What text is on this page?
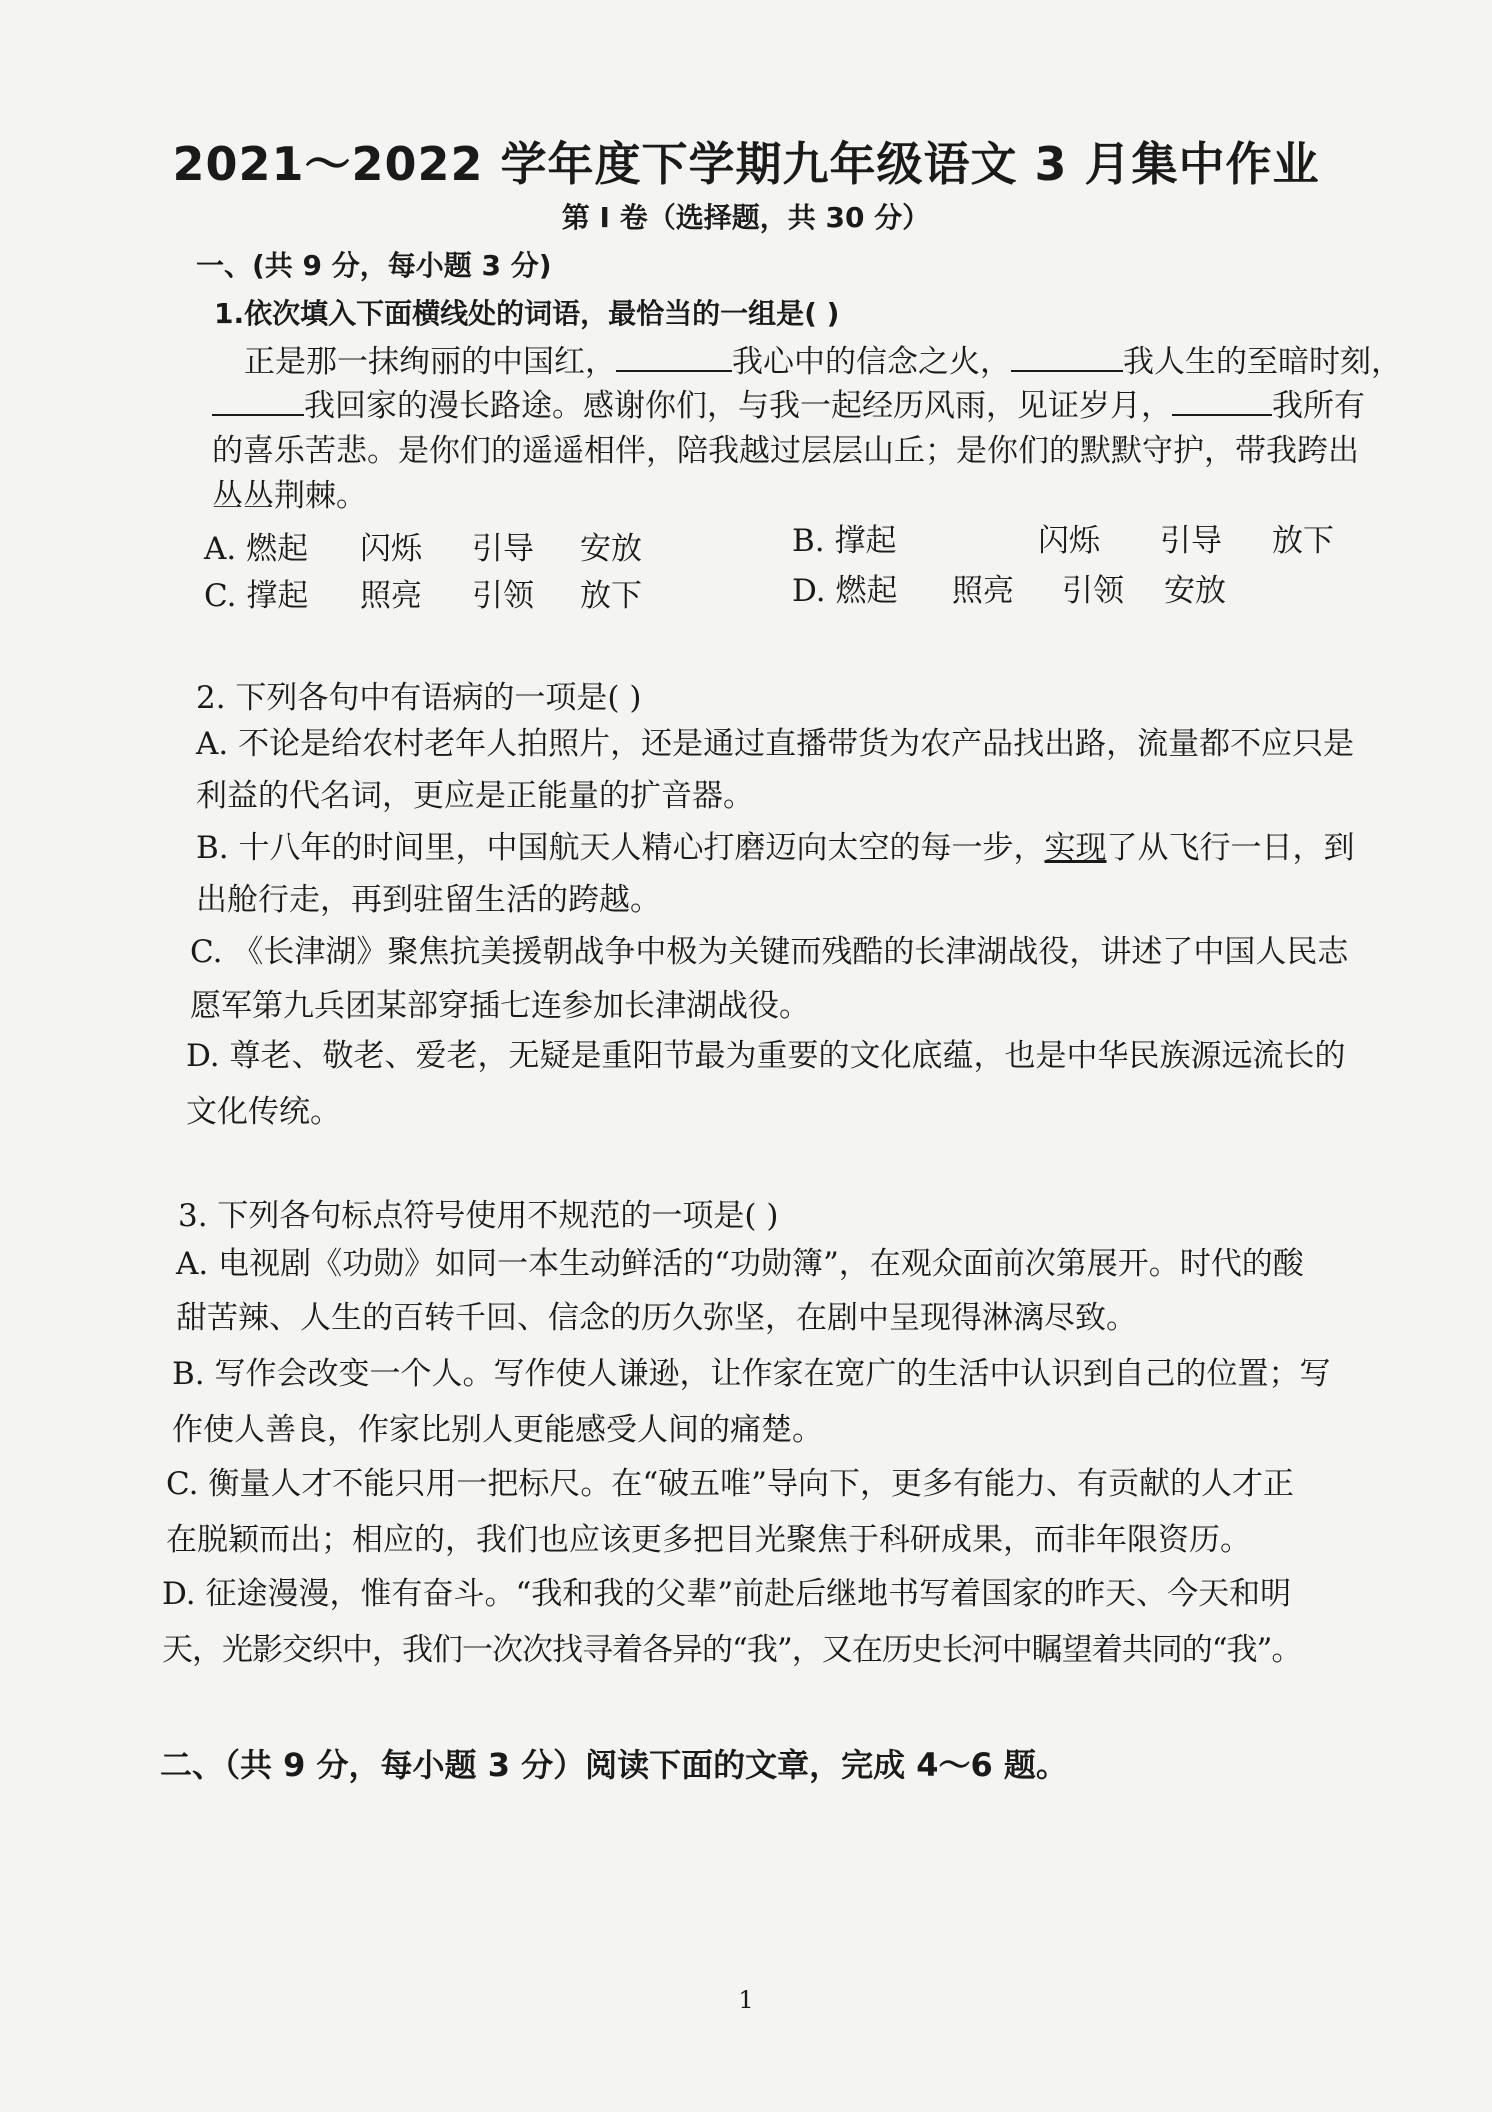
2021～2022 学年度下学期九年级语文 3 月集中作业
第 I 卷（选择题，共 30 分）
一、(共 9 分，每小题 3 分)
1.依次填入下面横线处的词语，最恰当的一组是( )
正是那一抹绚丽的中国红，	我心中的信念之火，	我人生的至暗时刻，
我回家的漫长路途。感谢你们，与我一起经历风雨，见证岁月，	我所有
的喜乐苦悲。是你们的遥遥相伴，陪我越过层层山丘；是你们的默默守护，带我跨出
丛丛荆棘。
A. 燃起 闪烁 引导 安放	B. 撑起	闪烁 引导 放下
C. 撑起 照亮 引领 放下	D. 燃起 照亮 引领 安放
2. 下列各句中有语病的一项是( )
A. 不论是给农村老年人拍照片，还是通过直播带货为农产品找出路，流量都不应只是
利益的代名词，更应是正能量的扩音器。
B. 十八年的时间里，中国航天人精心打磨迈向太空的每一步，实现了从飞行一日，到
出舱行走，再到驻留生活的跨越。
C. 《长津湖》聚焦抗美援朝战争中极为关键而残酷的长津湖战役，讲述了中国人民志
愿军第九兵团某部穿插七连参加长津湖战役。
D. 尊老、敬老、爱老，无疑是重阳节最为重要的文化底蕴，也是中华民族源远流长的
文化传统。
3. 下列各句标点符号使用不规范的一项是( )
A. 电视剧《功勋》如同一本生动鲜活的“功勋簿”，在观众面前次第展开。时代的酸
甜苦辣、人生的百转千回、信念的历久弥坚，在剧中呈现得淋漓尽致。
B. 写作会改变一个人。写作使人谦逊，让作家在宽广的生活中认识到自己的位置；写
作使人善良，作家比别人更能感受人间的痛楚。
C. 衡量人才不能只用一把标尺。在“破五唯”导向下，更多有能力、有贡献的人才正
在脱颖而出；相应的，我们也应该更多把目光聚焦于科研成果，而非年限资历。
D. 征途漫漫，惟有奋斗。“我和我的父辈”前赴后继地书写着国家的昨天、今天和明
天，光影交织中，我们一次次找寻着各异的“我”，又在历史长河中瞩望着共同的“我”。
二、（共 9 分，每小题 3 分）阅读下面的文章，完成 4～6 题。
1
